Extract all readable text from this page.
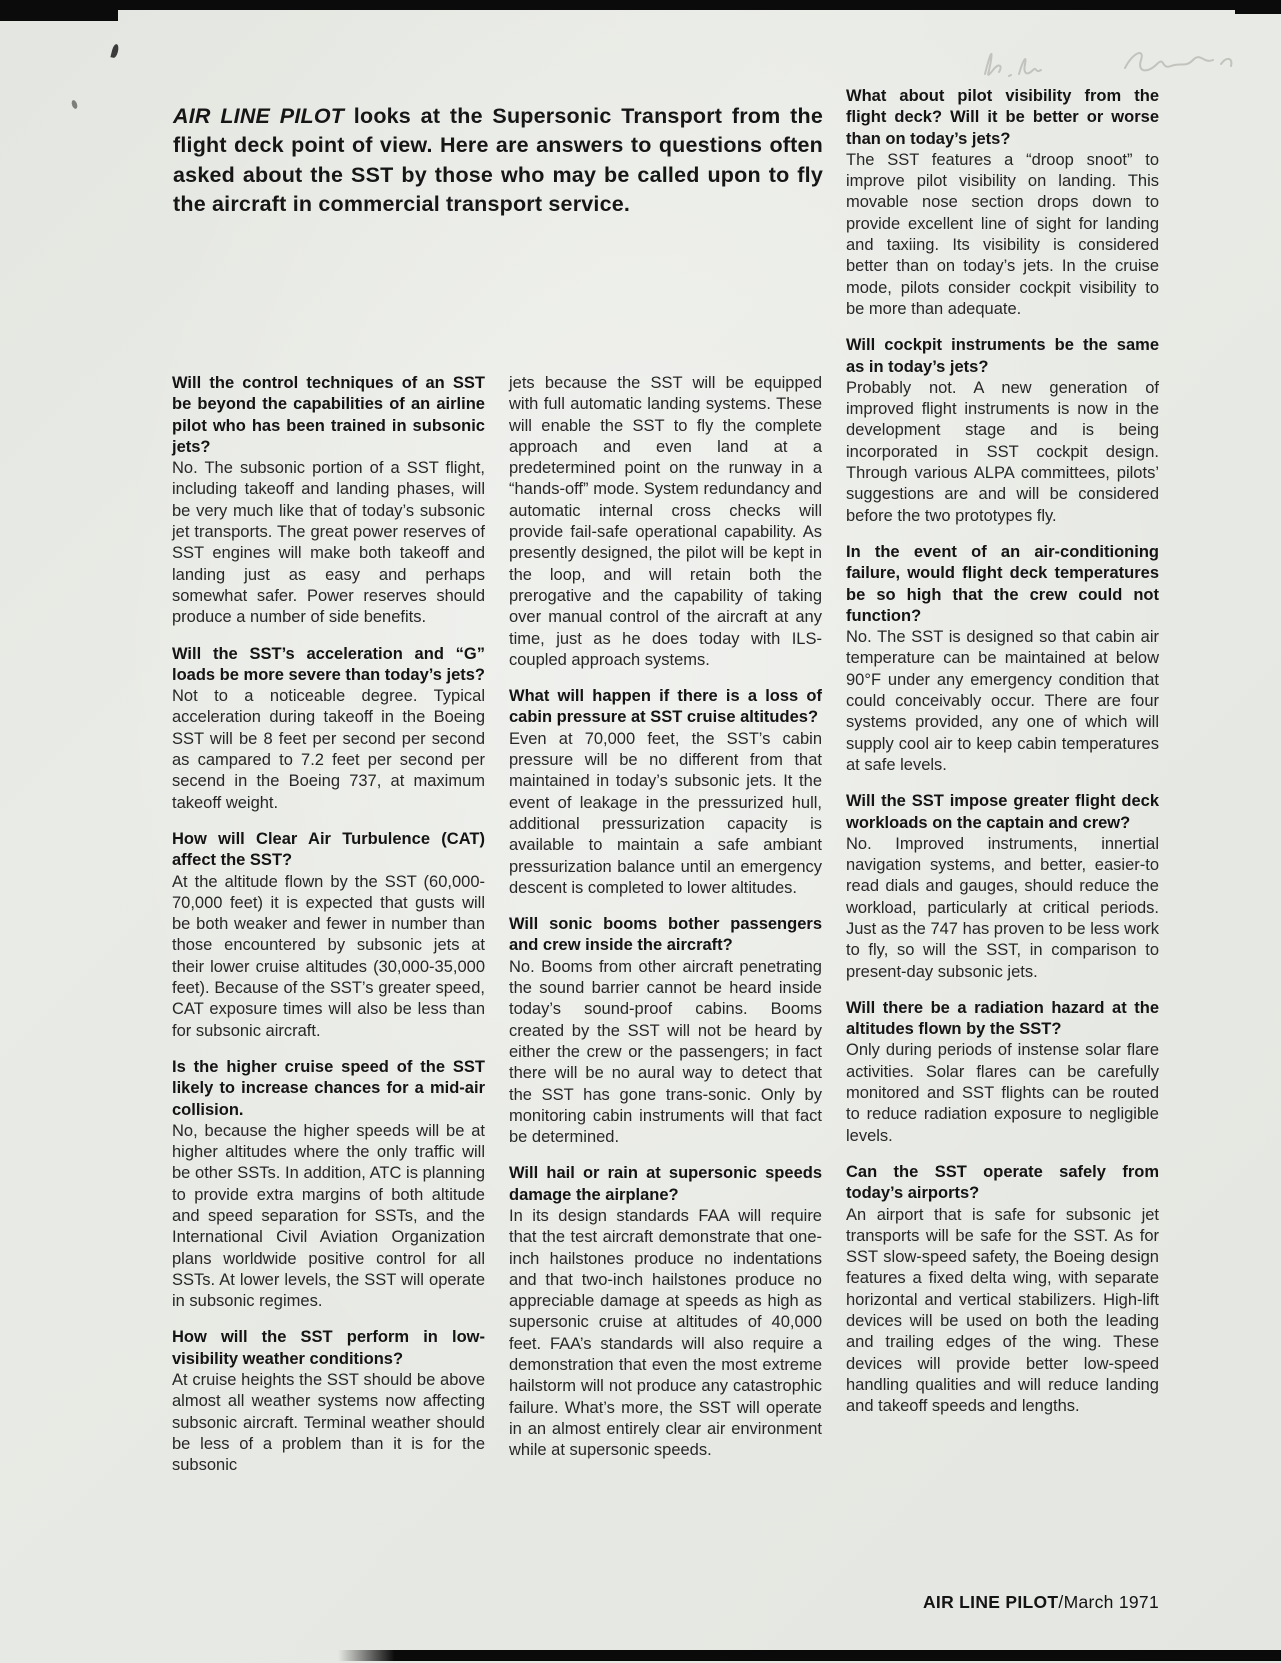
AIR LINE PILOT looks at the Supersonic Transport from the flight deck point of view. Here are answers to questions often asked about the SST by those who may be called upon to fly the aircraft in commercial transport service.

Will the control techniques of an SST be beyond the capabilities of an airline pilot who has been trained in subsonic jets?

No. The subsonic portion of a SST flight, including takeoff and landing phases, will be very much like that of today’s subsonic jet transports. The great power reserves of SST engines will make both takeoff and landing just as easy and perhaps somewhat safer. Power reserves should produce a number of side benefits.

Will the SST’s acceleration and “G” loads be more severe than today’s jets?

Not to a noticeable degree. Typical acceleration during takeoff in the Boeing SST will be 8 feet per second per second as campared to 7.2 feet per second per secend in the Boeing 737, at maximum takeoff weight.

How will Clear Air Turbulence (CAT) affect the SST?

At the altitude flown by the SST (60,000-70,000 feet) it is expected that gusts will be both weaker and fewer in number than those encountered by subsonic jets at their lower cruise altitudes (30,000-35,000 feet). Because of the SST’s greater speed, CAT exposure times will also be less than for subsonic aircraft.

Is the higher cruise speed of the SST likely to increase chances for a mid-air collision.

No, because the higher speeds will be at higher altitudes where the only traffic will be other SSTs. In addition, ATC is planning to provide extra margins of both altitude and speed separation for SSTs, and the International Civil Aviation Organization plans worldwide positive control for all SSTs. At lower levels, the SST will operate in subsonic regimes.

How will the SST perform in low-visibility weather conditions?

At cruise heights the SST should be above almost all weather systems now affecting subsonic aircraft. Terminal weather should be less of a problem than it is for the subsonic

jets because the SST will be equipped with full automatic landing systems. These will enable the SST to fly the complete approach and even land at a predetermined point on the runway in a “hands-off” mode. System redundancy and automatic internal cross checks will provide fail-safe operational capability. As presently designed, the pilot will be kept in the loop, and will retain both the prerogative and the capability of taking over manual control of the aircraft at any time, just as he does today with ILS-coupled approach systems.

What will happen if there is a loss of cabin pressure at SST cruise altitudes?

Even at 70,000 feet, the SST’s cabin pressure will be no different from that maintained in today’s subsonic jets. It the event of leakage in the pressurized hull, additional pressurization capacity is available to maintain a safe ambiant pressurization balance until an emergency descent is completed to lower altitudes.

Will sonic booms bother passengers and crew inside the aircraft?

No. Booms from other aircraft penetrating the sound barrier cannot be heard inside today’s sound-proof cabins. Booms created by the SST will not be heard by either the crew or the passengers; in fact there will be no aural way to detect that the SST has gone trans-sonic. Only by monitoring cabin instruments will that fact be determined.

Will hail or rain at supersonic speeds damage the airplane?

In its design standards FAA will require that the test aircraft demonstrate that one-inch hailstones produce no indentations and that two-inch hailstones produce no appreciable damage at speeds as high as supersonic cruise at altitudes of 40,000 feet. FAA’s standards will also require a demonstration that even the most extreme hailstorm will not produce any catastrophic failure. What’s more, the SST will operate in an almost entirely clear air environment while at supersonic speeds.

What about pilot visibility from the flight deck? Will it be better or worse than on today’s jets?

The SST features a “droop snoot” to improve pilot visibility on landing. This movable nose section drops down to provide excellent line of sight for landing and taxiing. Its visibility is considered better than on today’s jets. In the cruise mode, pilots consider cockpit visibility to be more than adequate.

Will cockpit instruments be the same as in today’s jets?

Probably not. A new generation of improved flight instruments is now in the development stage and is being incorporated in SST cockpit design. Through various ALPA committees, pilots’ suggestions are and will be considered before the two prototypes fly.

In the event of an air-conditioning failure, would flight deck temperatures be so high that the crew could not function?

No. The SST is designed so that cabin air temperature can be maintained at below 90°F under any emergency condition that could conceivably occur. There are four systems provided, any one of which will supply cool air to keep cabin temperatures at safe levels.

Will the SST impose greater flight deck workloads on the captain and crew?

No. Improved instruments, innertial navigation systems, and better, easier-to read dials and gauges, should reduce the workload, particularly at critical periods. Just as the 747 has proven to be less work to fly, so will the SST, in comparison to present-day subsonic jets.

Will there be a radiation hazard at the altitudes flown by the SST?

Only during periods of instense solar flare activities. Solar flares can be carefully monitored and SST flights can be routed to reduce radiation exposure to negligible levels.

Can the SST operate safely from today’s airports?

An airport that is safe for subsonic jet transports will be safe for the SST. As for SST slow-speed safety, the Boeing design features a fixed delta wing, with separate horizontal and vertical stabilizers. High-lift devices will be used on both the leading and trailing edges of the wing. These devices will provide better low-speed handling qualities and will reduce landing and takeoff speeds and lengths.

AIR LINE PILOT/March 1971
